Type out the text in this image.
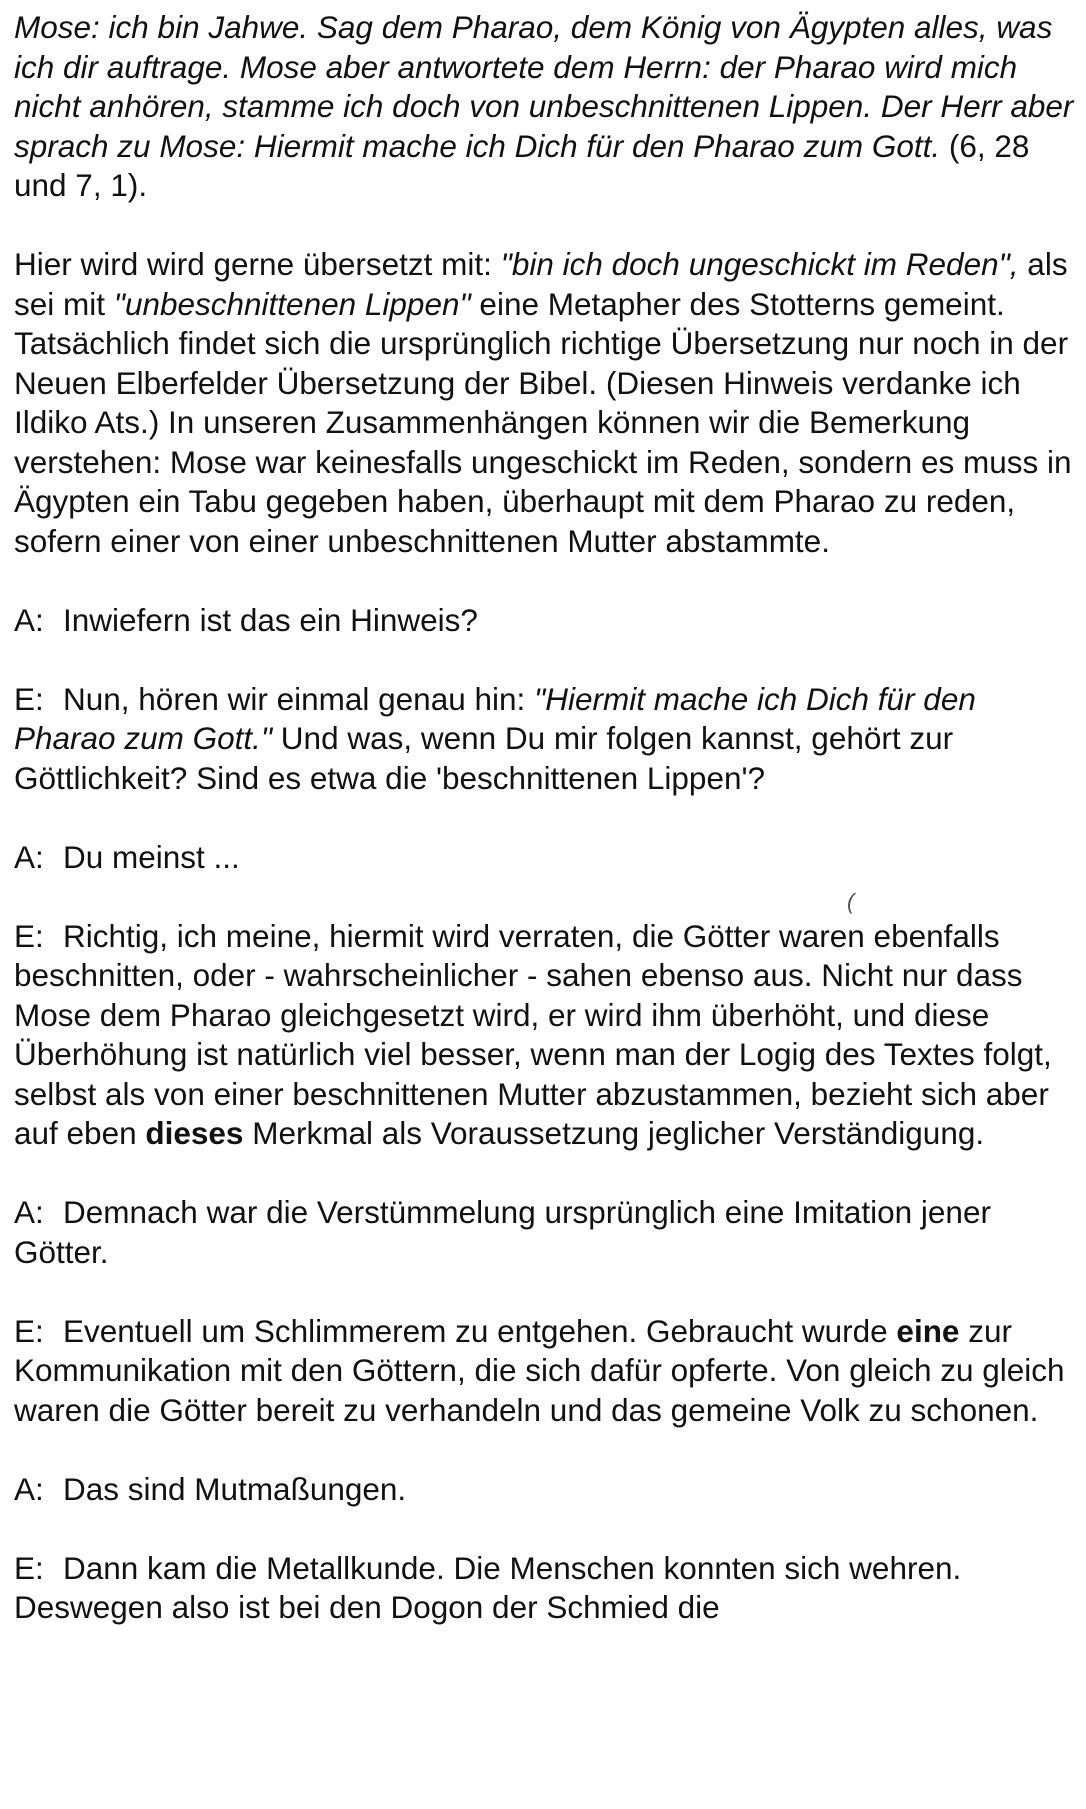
Mose: ich bin Jahwe. Sag dem Pharao, dem König von Ägypten alles, was ich dir auftrage. Mose aber antwortete dem Herrn: der Pharao wird mich nicht anhören, stamme ich doch von unbeschnittenen Lippen. Der Herr aber sprach zu Mose: Hiermit mache ich Dich für den Pharao zum Gott. (6, 28 und 7, 1).

Hier wird wird gerne übersetzt mit: "bin ich doch ungeschickt im Reden", als sei mit "unbeschnittenen Lippen" eine Metapher des Stotterns gemeint. Tatsächlich findet sich die ursprünglich richtige Übersetzung nur noch in der Neuen Elberfelder Übersetzung der Bibel. (Diesen Hinweis verdanke ich Ildiko Ats.) In unseren Zusammenhängen können wir die Bemerkung verstehen: Mose war keinesfalls ungeschickt im Reden, sondern es muss in Ägypten ein Tabu gegeben haben, überhaupt mit dem Pharao zu reden, sofern einer von einer unbeschnittenen Mutter abstammte.

A: Inwiefern ist das ein Hinweis?

E: Nun, hören wir einmal genau hin: "Hiermit mache ich Dich für den Pharao zum Gott." Und was, wenn Du mir folgen kannst, gehört zur Göttlichkeit? Sind es etwa die 'beschnittenen Lippen'?

A: Du meinst ...

E: Richtig, ich meine, hiermit wird verraten, die Götter waren ebenfalls beschnitten, oder - wahrscheinlicher - sahen ebenso aus. Nicht nur dass Mose dem Pharao gleichgesetzt wird, er wird ihm überhöht, und diese Überhöhung ist natürlich viel besser, wenn man der Logig des Textes folgt, selbst als von einer beschnittenen Mutter abzustammen, bezieht sich aber auf eben dieses Merkmal als Voraussetzung jeglicher Verständigung.

A: Demnach war die Verstümmelung ursprünglich eine Imitation jener Götter.

E: Eventuell um Schlimmerem zu entgehen. Gebraucht wurde eine zur Kommunikation mit den Göttern, die sich dafür opferte. Von gleich zu gleich waren die Götter bereit zu verhandeln und das gemeine Volk zu schonen.

A: Das sind Mutmaßungen.

E: Dann kam die Metallkunde. Die Menschen konnten sich wehren. Deswegen also ist bei den Dogon der Schmied die

(
